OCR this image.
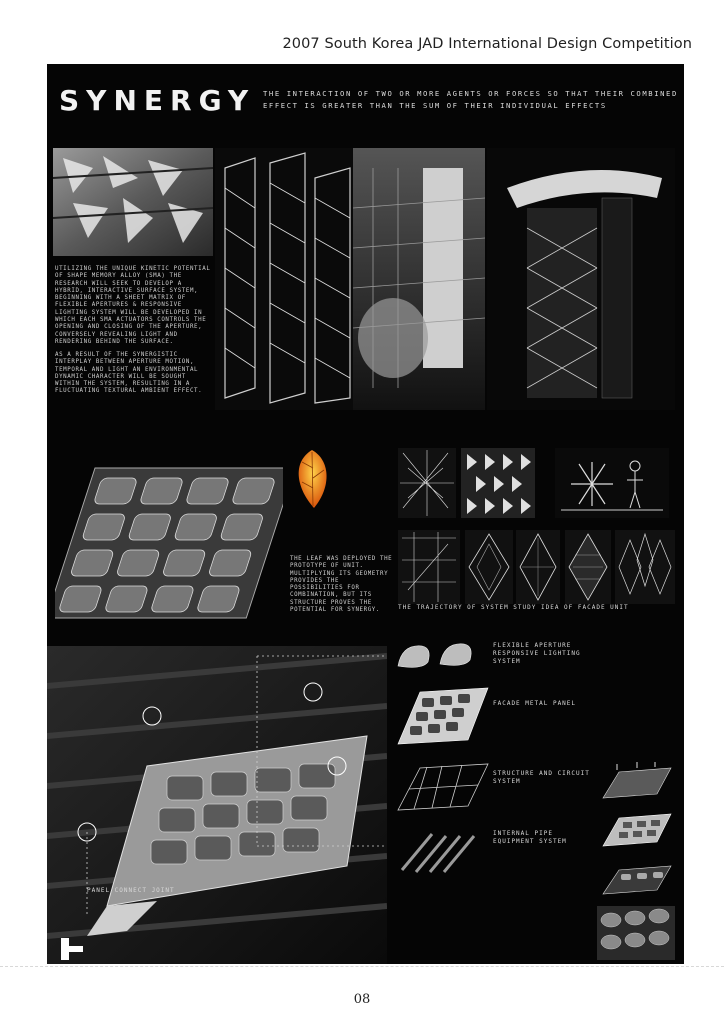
2007 South Korea JAD International Design Competition
SYNERGY THE INTERACTION OF TWO OR MORE AGENTS OR FORCES SO THAT THEIR COMBINED EFFECT IS GREATER THAN THE SUM OF THEIR INDIVIDUAL EFFECTS
UTILIZING THE UNIQUE KINETIC POTENTIAL OF SHAPE MEMORY ALLOY (SMA) THE RESEARCH WILL SEEK TO DEVELOP A HYBRID, INTERACTIVE SURFACE SYSTEM, BEGINNING WITH A SHEET MATRIX OF FLEXIBLE APERTURES & RESPONSIVE LIGHTING SYSTEM WILL BE DEVELOPED IN WHICH EACH SMA ACTUATORS CONTROLS THE OPENING AND CLOSING OF THE APERTURE, CONVERSELY REVEALING LIGHT AND RENDERING BEHIND THE SURFACE.
AS A RESULT OF THE SYNERGISTIC INTERPLAY BETWEEN APERTURE MOTION, TEMPORAL AND LIGHT AN ENVIRONMENTAL DYNAMIC CHARACTER WILL BE SOUGHT WITHIN THE SYSTEM, RESULTING IN A FLUCTUATING TEXTURAL AMBIENT EFFECT.
THE LEAF WAS DEPLOYED THE PROTOTYPE OF UNIT. MULTIPLYING ITS GEOMETRY PROVIDES THE POSSIBILITIES FOR COMBINATION, BUT ITS STRUCTURE PROVES THE POTENTIAL FOR SYNERGY.	THE TRAJECTORY OF SYSTEM STUDY IDEA OF FACADE UNIT
PANEL CONNECT JOINT
FLEXIBLE APERTURE RESPONSIVE LIGHTING SYSTEM
FACADE METAL PANEL
STRUCTURE AND CIRCUIT SYSTEM
INTERNAL PIPE EQUIPMENT SYSTEM
08
